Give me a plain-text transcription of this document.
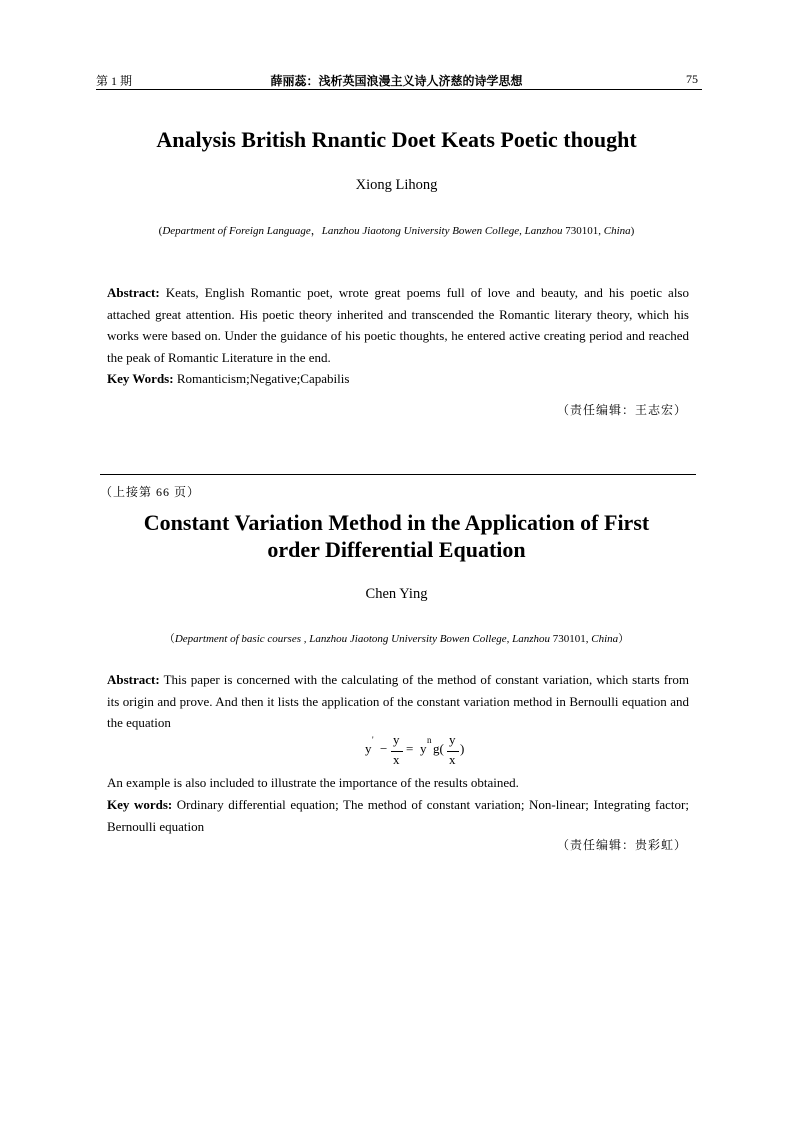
第 1 期	薛丽蕊：浅析英国浪漫主义诗人济慈的诗学思想	75
Analysis British Rnantic Doet Keats Poetic thought
Xiong Lihong
(Department of Foreign Language，Lanzhou Jiaotong University Bowen College, Lanzhou 730101, China)
Abstract: Keats, English Romantic poet, wrote great poems full of love and beauty, and his poetic also attached great attention. His poetic theory inherited and transcended the Romantic literary theory, which his works were based on. Under the guidance of his poetic thoughts, he entered active creating period and reached the peak of Romantic Literature in the end.
Key Words: Romanticism;Negative;Capabilis
（责任编辑：王志宏）
（上接第 66 页）
Constant Variation Method in the Application of First
order Differential Equation
Chen Ying
（Department of basic courses , Lanzhou Jiaotong University Bowen College, Lanzhou 730101, China）
Abstract: This paper is concerned with the calculating of the method of constant variation, which starts from its origin and prove. And then it lists the application of the constant variation method in Bernoulli equation and the equation
y
'
−
y
x
= y
n
g(
y
x
)
An example is also included to illustrate the importance of the results obtained.
Key words: Ordinary differential equation; The method of constant variation; Non-linear; Integrating factor; Bernoulli equation
（责任编辑：贵彩虹）
